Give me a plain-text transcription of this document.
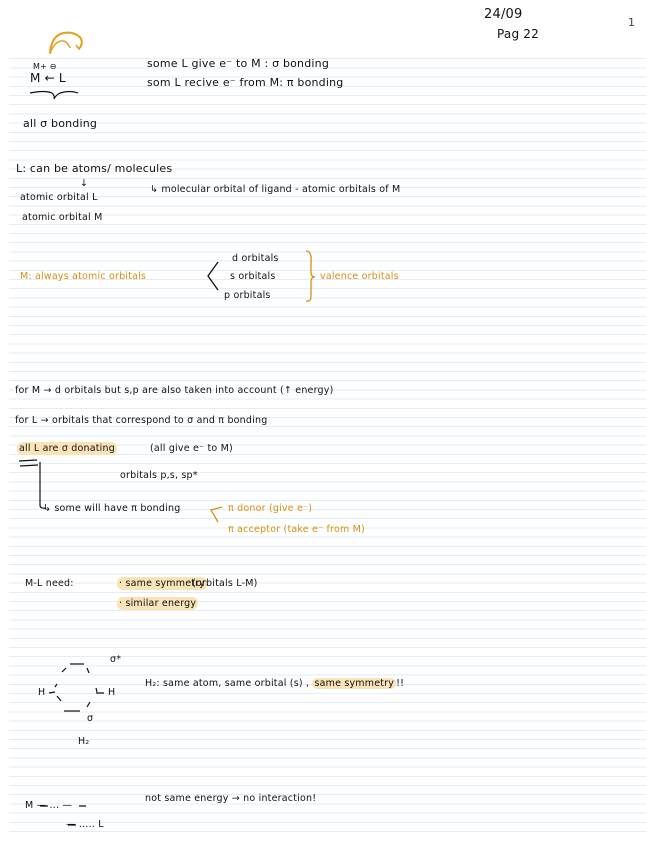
24/09
Pag 22
1
M+ ⊖
M ← L
some L give e⁻ to M : σ bonding
som L recive e⁻ from M: π bonding
all σ bonding
L: can be atoms/ molecules
↓
atomic orbital L
atomic orbital M
↳ molecular orbital of ligand - atomic orbitals of M
d orbitals
M: always atomic orbitals	s orbitals
p orbitals
valence orbitals
for M → d orbitals but s,p are also taken into account (↑ energy)
for L → orbitals that correspond to σ and π bonding
all L are σ donating	(all give e⁻ to M)
orbitals p,s, sp*
↳ some will have π bonding	π donor (give e⁻)
π acceptor (take e⁻ from M)
M-L need:	· same symmetry
(orbitals L-M)
· similar energy
σ*
H	H
σ
H₂
H₂: same atom, same orbital (s) , same symmetry !!
M — ... —
— ..... L
not same energy → no interaction!
